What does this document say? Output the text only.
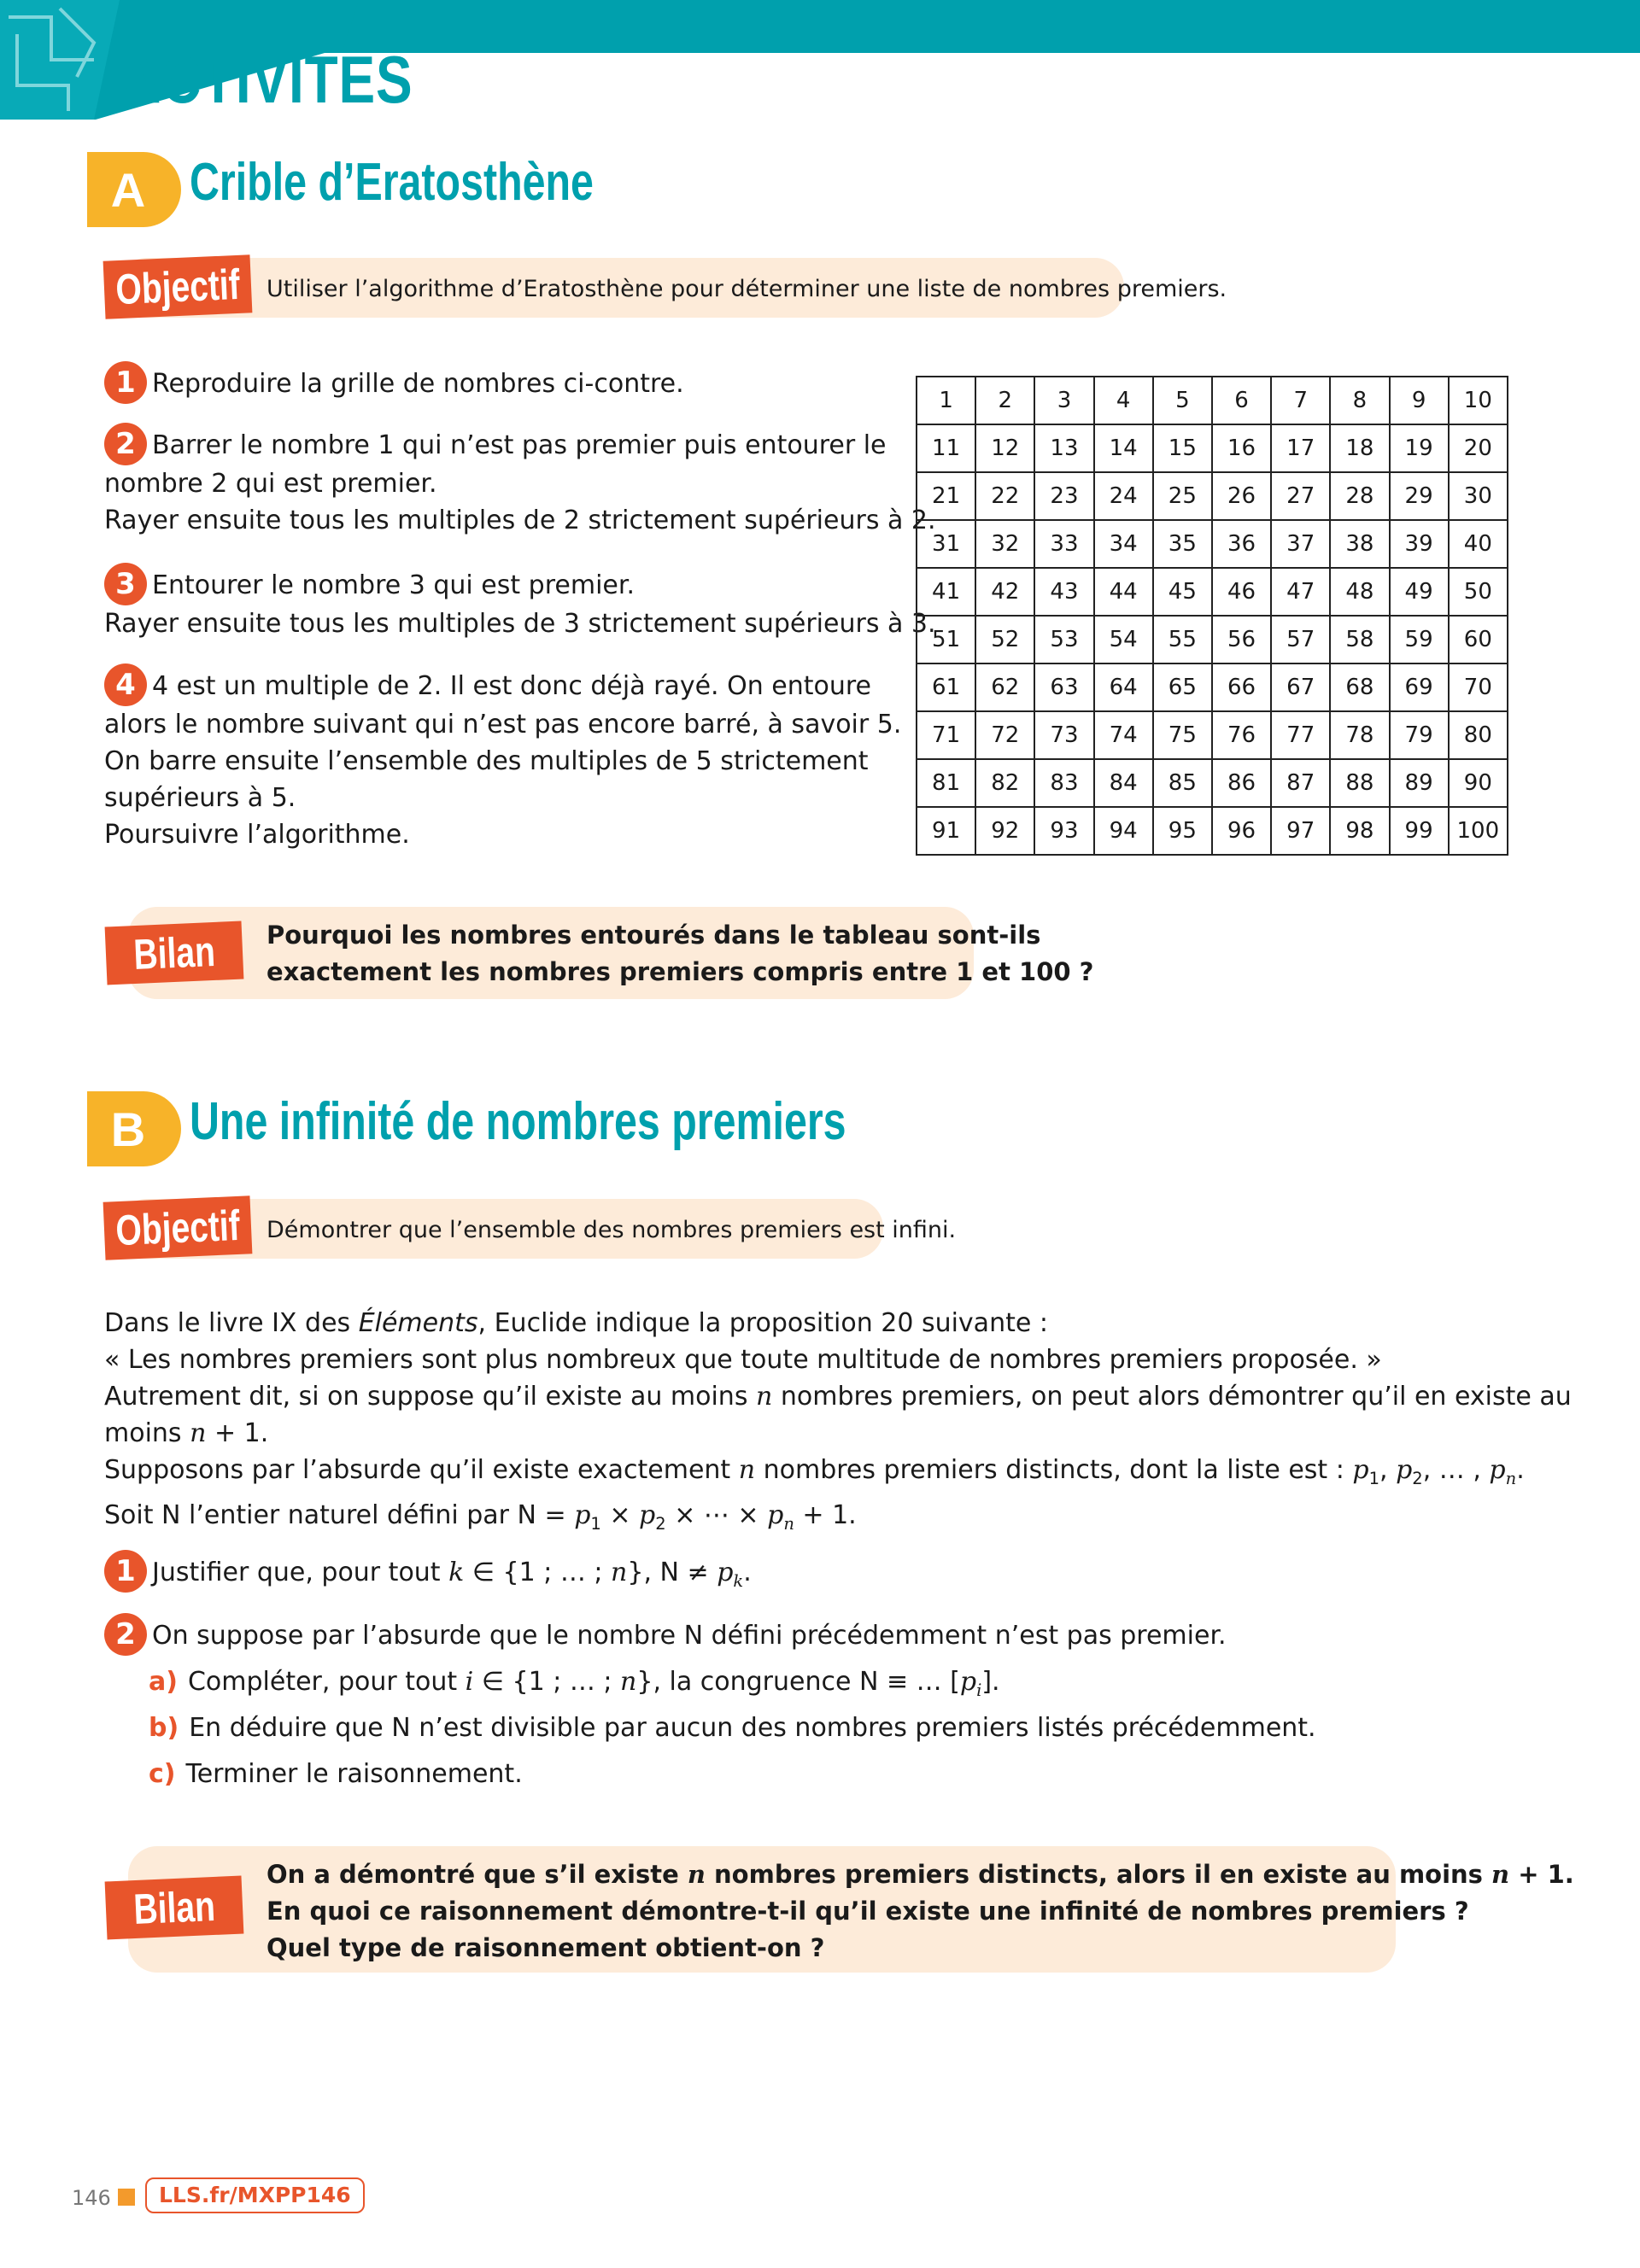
ACTIVITÉS
A Crible d’Eratosthène
Objectif Utiliser l’algorithme d’Eratosthène pour déterminer une liste de nombres premiers.
1 Reproduire la grille de nombres ci-contre.
2 Barrer le nombre 1 qui n’est pas premier puis entourer le
nombre 2 qui est premier.
Rayer ensuite tous les multiples de 2 strictement supérieurs à 2.
3 Entourer le nombre 3 qui est premier.
Rayer ensuite tous les multiples de 3 strictement supérieurs à 3.
4 4 est un multiple de 2. Il est donc déjà rayé. On entoure
alors le nombre suivant qui n’est pas encore barré, à savoir 5.
On barre ensuite l’ensemble des multiples de 5 strictement
supérieurs à 5.
Poursuivre l’algorithme.
1	2	3	4	5	6	7	8	9	10
11	12	13	14	15	16	17	18	19	20
21	22	23	24	25	26	27	28	29	30
31	32	33	34	35	36	37	38	39	40
41	42	43	44	45	46	47	48	49	50
51	52	53	54	55	56	57	58	59	60
61	62	63	64	65	66	67	68	69	70
71	72	73	74	75	76	77	78	79	80
81	82	83	84	85	86	87	88	89	90
91	92	93	94	95	96	97	98	99	100
Bilan Pourquoi les nombres entourés dans le tableau sont-ils
exactement les nombres premiers compris entre 1 et 100 ?
B Une infinité de nombres premiers
Objectif Démontrer que l’ensemble des nombres premiers est infini.
Dans le livre IX des Éléments, Euclide indique la proposition 20 suivante :
« Les nombres premiers sont plus nombreux que toute multitude de nombres premiers proposée. »
Autrement dit, si on suppose qu’il existe au moins n nombres premiers, on peut alors démontrer qu’il en existe au
moins n + 1.
Supposons par l’absurde qu’il existe exactement n nombres premiers distincts, dont la liste est : $p_1$, $p_2$, … , $p_n$.
Soit N l’entier naturel défini par $N = p_1 \times p_2$ × ⋯ × $p_n + 1$.
1 Justifier que, pour tout k ∈ {1 ; … ; n}, $N \ne p_k$.
2 On suppose par l’absurde que le nombre N défini précédemment n’est pas premier.
a) Compléter, pour tout i ∈ {1 ; … ; n}, la congruence N ≡ … $[p_i]$.
b) En déduire que N n’est divisible par aucun des nombres premiers listés précédemment.
c) Terminer le raisonnement.
Bilan
On a démontré que s’il existe n nombres premiers distincts, alors il en existe au moins n + 1.
En quoi ce raisonnement démontre-t-il qu’il existe une infinité de nombres premiers ?
Quel type de raisonnement obtient-on ?
146	LLS.fr/MXPP146
